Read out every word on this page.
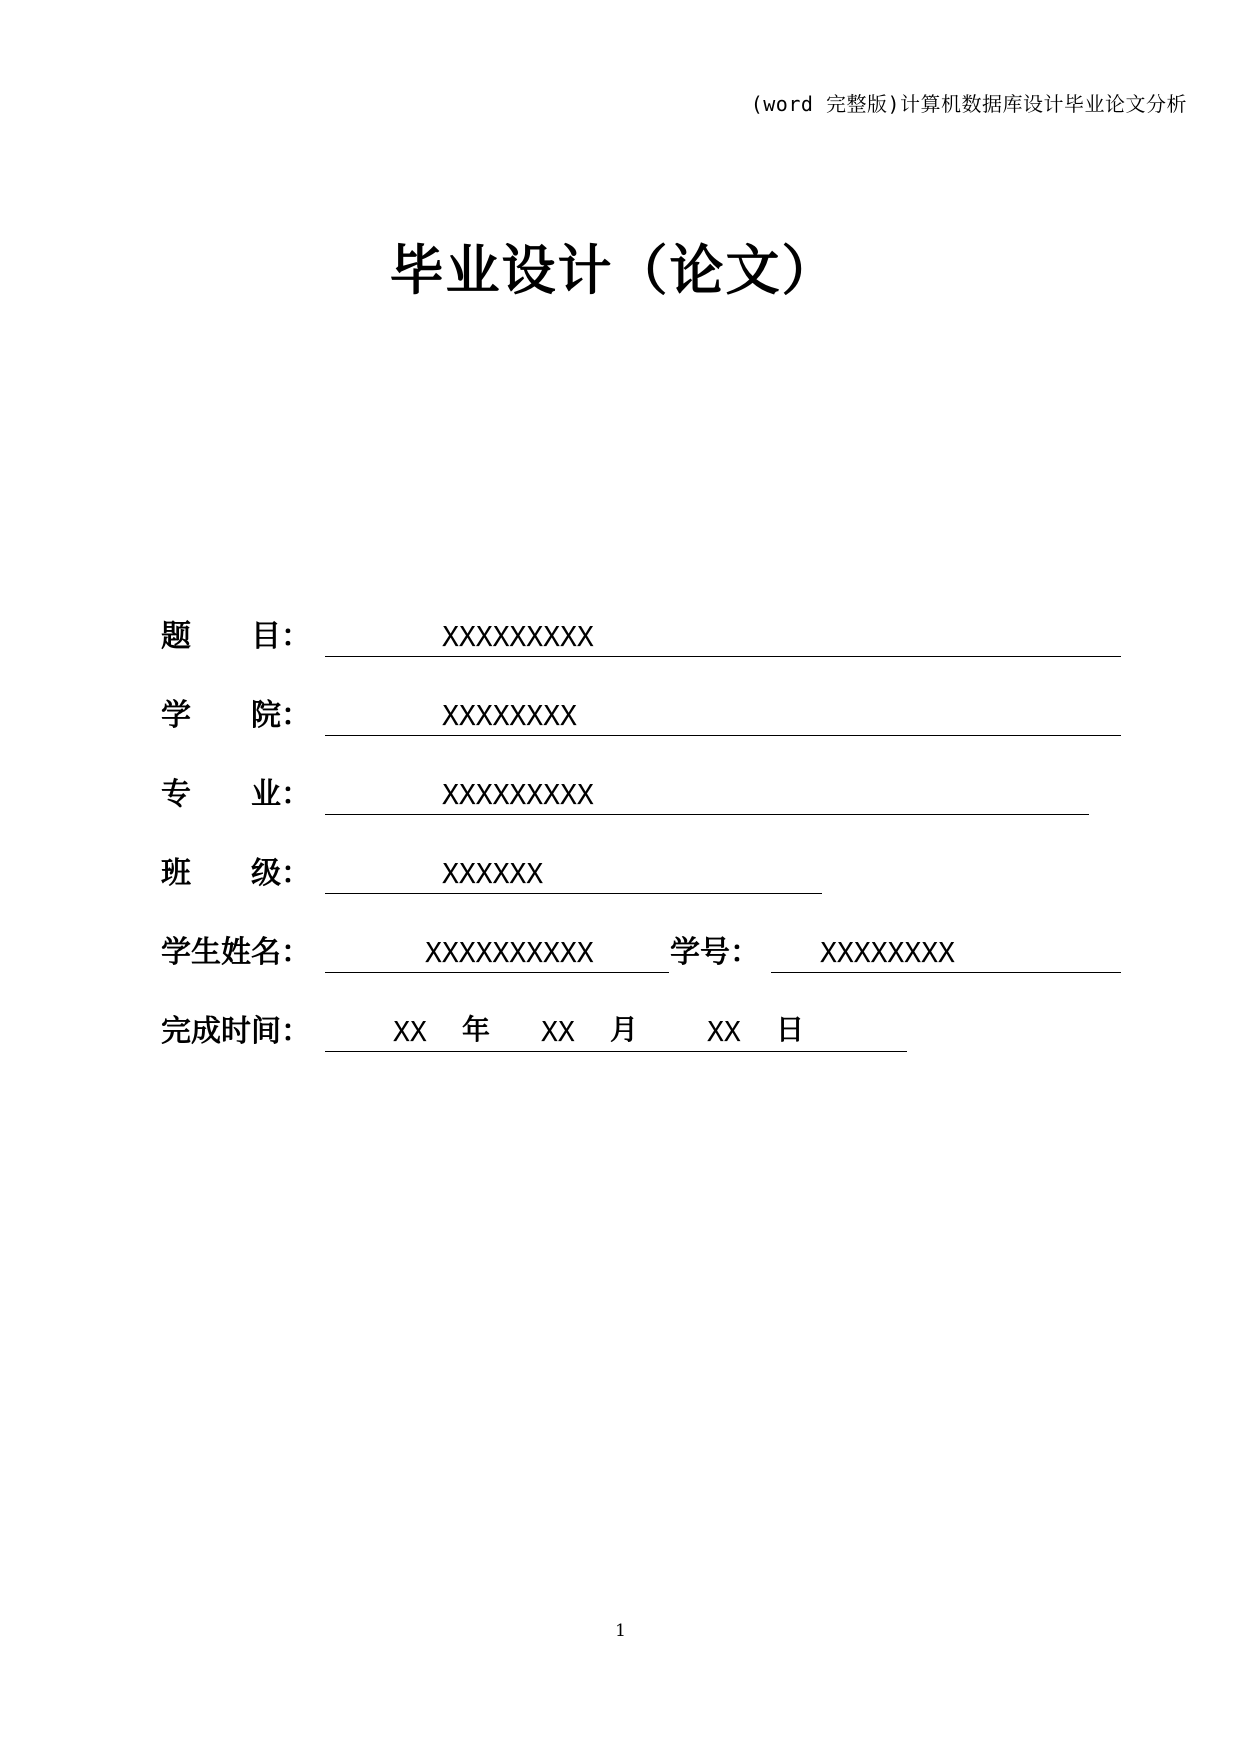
(word 完整版)计算机数据库设计毕业论文分析
毕业设计（论文）
题　　目：	XXXXXXXXX
学　　院：	XXXXXXXX
专　　业：	XXXXXXXXX
班　　级：	XXXXXX
学生姓名：	XXXXXXXXXX	学号： XXXXXXXX
完成时间：	XX 年 XX 月 XX 日
1
